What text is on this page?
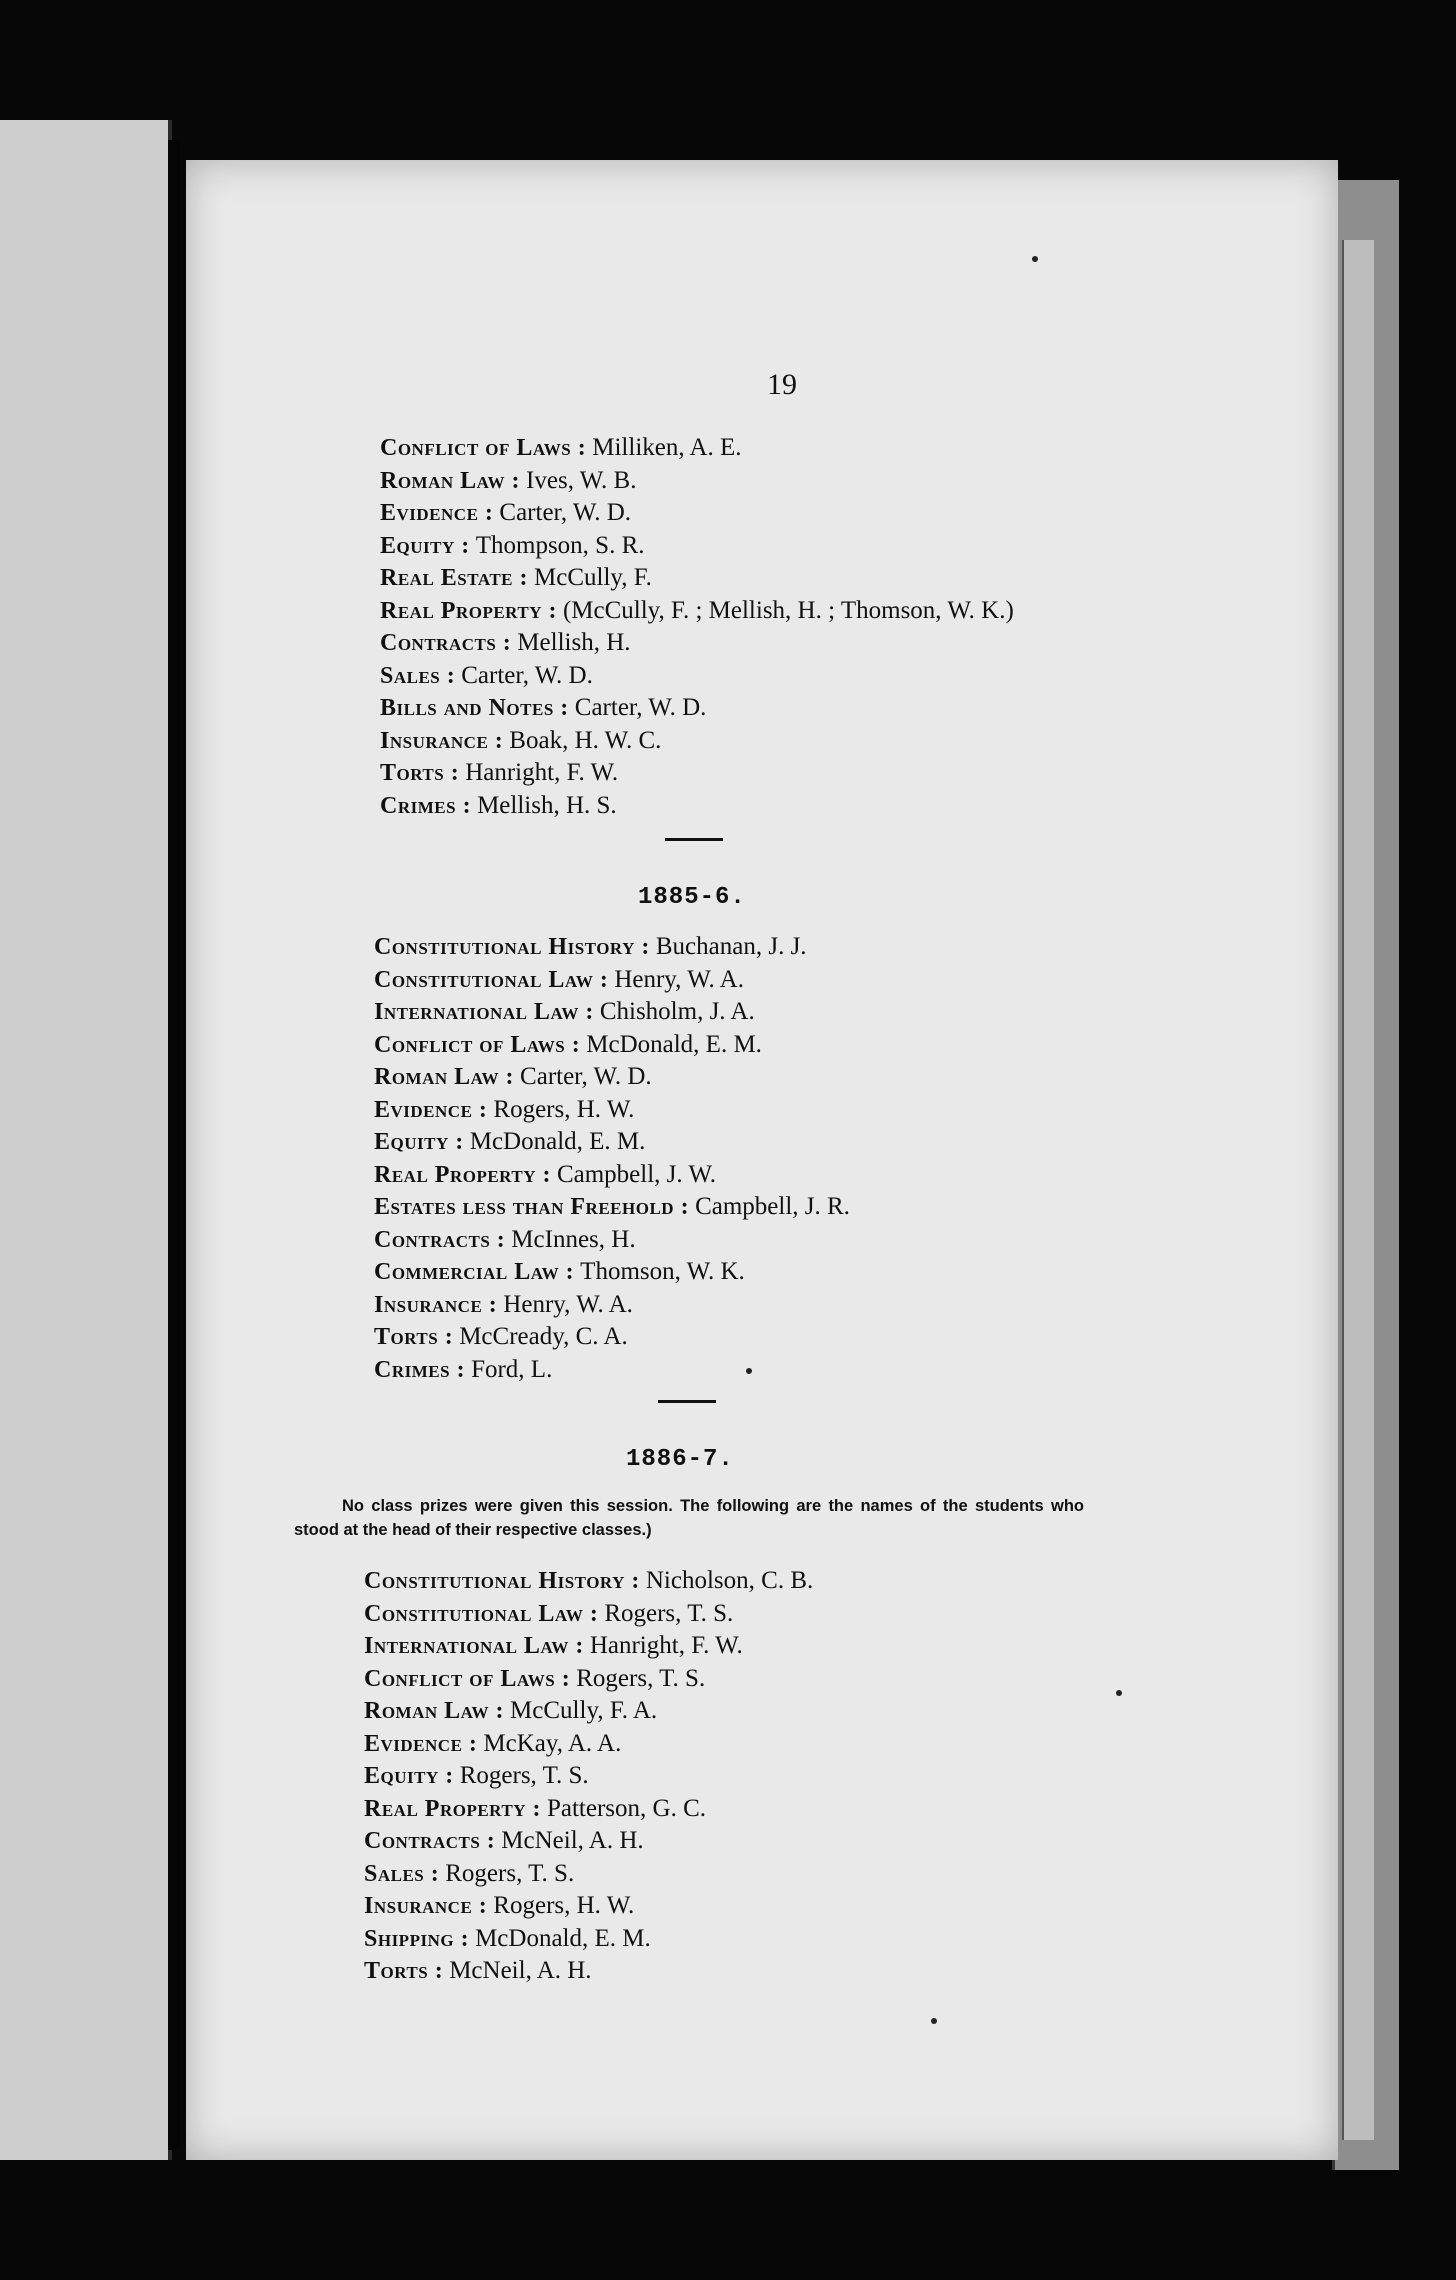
19
Conflict of Laws : Milliken, A. E.
Roman Law : Ives, W. B.
Evidence : Carter, W. D.
Equity : Thompson, S. R.
Real Estate : McCully, F.
Real Property : (McCully, F. ; Mellish, H. ; Thomson, W. K.)
Contracts : Mellish, H.
Sales : Carter, W. D.
Bills and Notes : Carter, W. D.
Insurance : Boak, H. W. C.
Torts : Hanright, F. W.
Crimes : Mellish, H. S.
1885-6.
Constitutional History : Buchanan, J. J.
Constitutional Law : Henry, W. A.
International Law : Chisholm, J. A.
Conflict of Laws : McDonald, E. M.
Roman Law : Carter, W. D.
Evidence : Rogers, H. W.
Equity : McDonald, E. M.
Real Property : Campbell, J. W.
Estates less than Freehold : Campbell, J. R.
Contracts : McInnes, H.
Commercial Law : Thomson, W. K.
Insurance : Henry, W. A.
Torts : McCready, C. A.
Crimes : Ford, L.
1886-7.
No class prizes were given this session. The following are the names of the students who stood at the head of their respective classes.)
Constitutional History : Nicholson, C. B.
Constitutional Law : Rogers, T. S.
International Law : Hanright, F. W.
Conflict of Laws : Rogers, T. S.
Roman Law : McCully, F. A.
Evidence : McKay, A. A.
Equity : Rogers, T. S.
Real Property : Patterson, G. C.
Contracts : McNeil, A. H.
Sales : Rogers, T. S.
Insurance : Rogers, H. W.
Shipping : McDonald, E. M.
Torts : McNeil, A. H.
